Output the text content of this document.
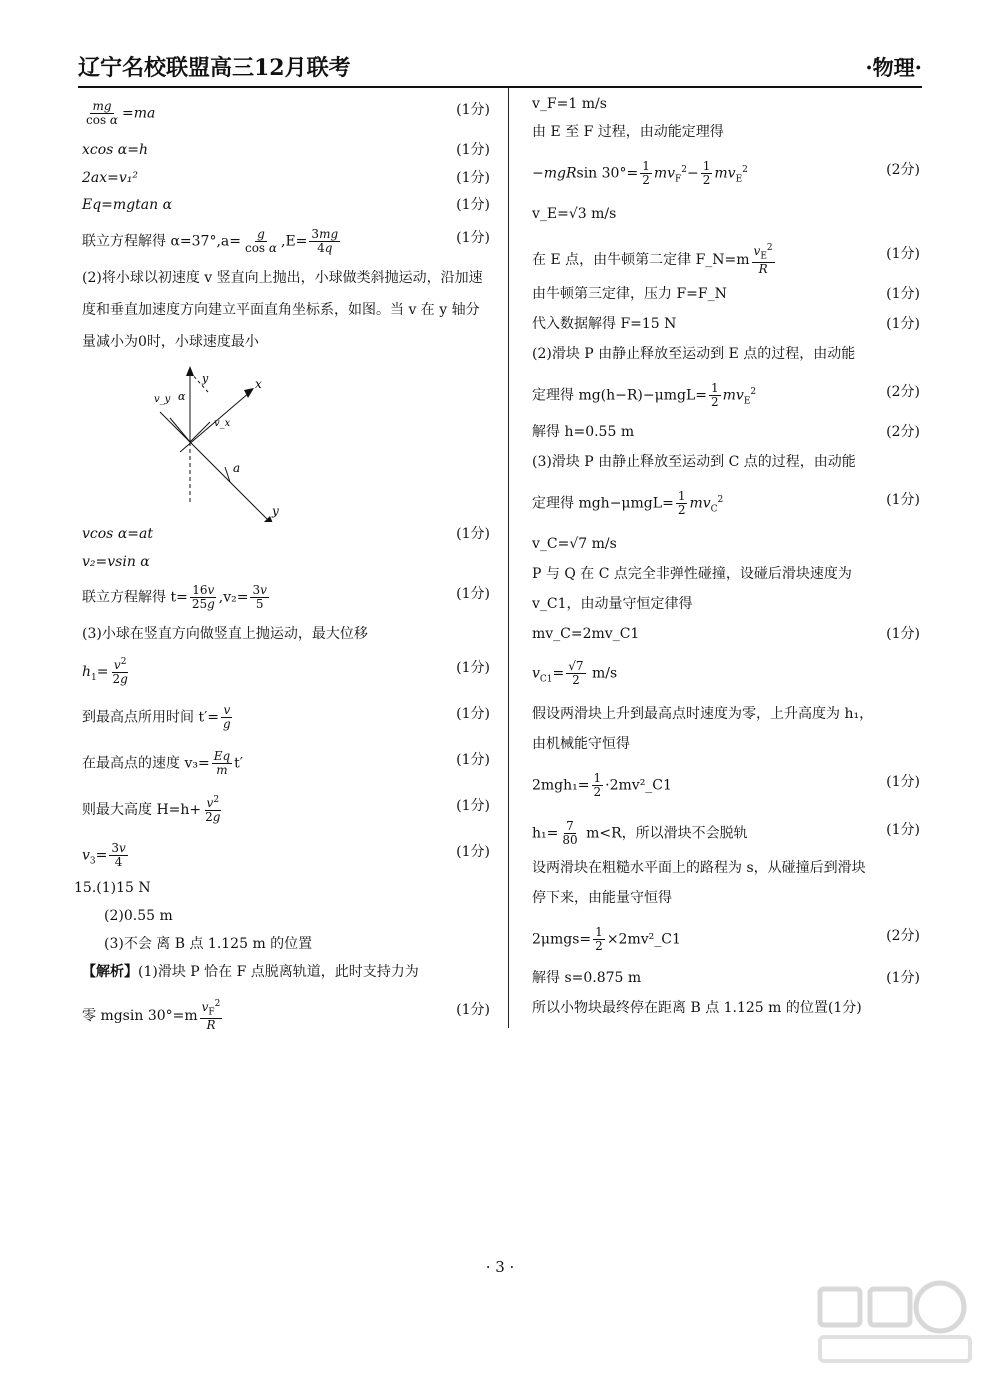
辽宁名校联盟高三12月联考	·物理·
$\frac{mg}{\text{cos α}} =ma$	(1分)
xcos α=h	(1分)
2ax=v₁²	(1分)
Eq=mgtan α	(1分)
联立方程解得 $\alpha=37^\circ,a= \frac{g}{\text{cos α}} ,E= \frac{3mg}{4q}$	(1分)
(2)将小球以初速度 v 竖直向上抛出，小球做类斜抛运动，沿加速度和垂直加速度方向建立平面直角坐标系，如图。当 v 在 y 轴分量减小为0时，小球速度最小
x
y
y
a
α
v_y
v_x
vcos α=at	(1分)
v₂=vsin α
联立方程解得 $t= \frac{16v}{25g} ,v_2= \frac{3v}{5}$	(1分)
(3)小球在竖直方向做竖直上抛运动，最大位移
$h_1= \frac{v^2}{2g}$	(1分)
到最高点所用时间 $t'= \frac{v}{g}$	(1分)
在最高点的速度 $v_3= \frac{Eq}{m} t'$	(1分)
则最大高度 $H=h+ \frac{v^2}{2g}$	(1分)
$v_3= \frac{3v}{4}$	(1分)
15.(1)15 N
(2)0.55 m
(3)不会 离 B 点 1.125 m 的位置
【解析】(1)滑块 P 恰在 F 点脱离轨道，此时支持力为
零 mgsin $30^\circ=m \frac{v_F^2}{R}$	(1分)
v_F=1 m/s
由 E 至 F 过程，由动能定理得
−mgRsin $30^\circ= \frac{1}{2} mv_F^2- \frac{1}{2} mv_E^2$	(2分)
v_E=√3 m/s
在 E 点，由牛顿第二定律 F_N=m $\frac{v_E^2}{R}$	(1分)
由牛顿第三定律，压力 F=F_N	(1分)
代入数据解得 F=15 N	(1分)
(2)滑块 P 由静止释放至运动到 E 点的过程，由动能
定理得 $mg(h-R)-\mu mgL= \frac{1}{2} mv_E^2$	(2分)
解得 h=0.55 m	(2分)
(3)滑块 P 由静止释放至运动到 C 点的过程，由动能
定理得 $mgh-\mu mgL= \frac{1}{2} mv_C^2$	(1分)
v_C=√7 m/s
P 与 Q 在 C 点完全非弹性碰撞，设碰后滑块速度为
v_C1，由动量守恒定律得
mv_C=2mv_C1	(1分)
$v_{C1}= \frac{√7}{2} m/s$
假设两滑块上升到最高点时速度为零，上升高度为 h₁，
由机械能守恒得
$2mgh_1= \frac{1}{2}$ ·2mv²_C1	(1分)
$h_1= \frac{7}{80} m<R$，所以滑块不会脱轨	(1分)
设两滑块在粗糙水平面上的路程为 s，从碰撞后到滑块
停下来，由能量守恒得
$2\mu mgs= \frac{1}{2}$ ×2mv²_C1	(2分)
解得 s=0.875 m	(1分)
所以小物块最终停在距离 B 点 1.125 m 的位置(1分)
· 3 ·
